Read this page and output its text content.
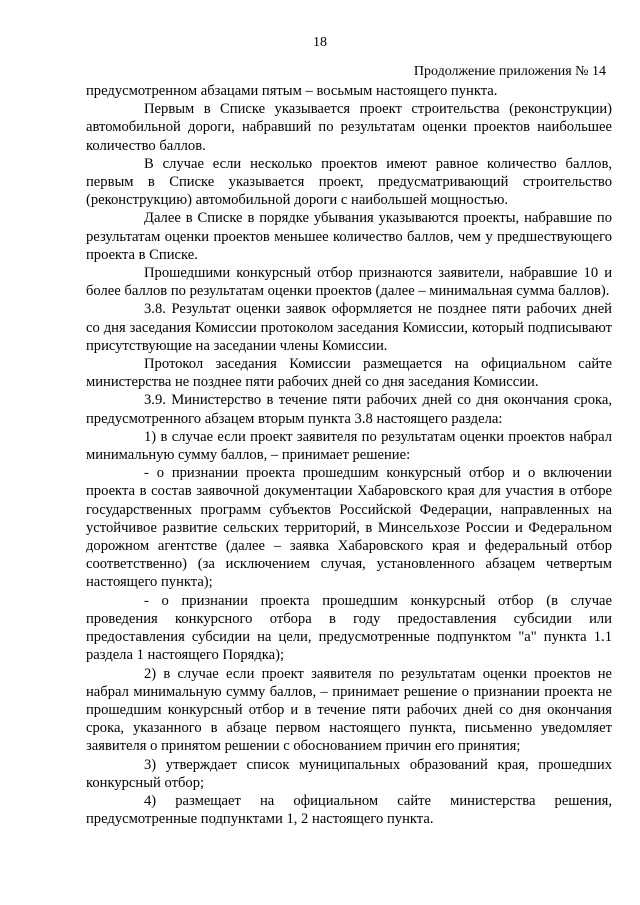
18
Продолжение приложения № 14

предусмотренном абзацами пятым – восьмым настоящего пункта.

Первым в Списке указывается проект строительства (реконструкции) автомобильной дороги, набравший по результатам оценки проектов наибольшее количество баллов.

В случае если несколько проектов имеют равное количество баллов, первым в Списке указывается проект, предусматривающий строительство (реконструкцию) автомобильной дороги с наибольшей мощностью.

Далее в Списке в порядке убывания указываются проекты, набравшие по результатам оценки проектов меньшее количество баллов, чем у предшествующего проекта в Списке.

Прошедшими конкурсный отбор признаются заявители, набравшие 10 и более баллов по результатам оценки проектов (далее – минимальная сумма баллов).

3.8. Результат оценки заявок оформляется не позднее пяти рабочих дней со дня заседания Комиссии протоколом заседания Комиссии, который подписывают присутствующие на заседании члены Комиссии.

Протокол заседания Комиссии размещается на официальном сайте министерства не позднее пяти рабочих дней со дня заседания Комиссии.

3.9. Министерство в течение пяти рабочих дней со дня окончания срока, предусмотренного абзацем вторым пункта 3.8 настоящего раздела:

1) в случае если проект заявителя по результатам оценки проектов набрал минимальную сумму баллов, – принимает решение:

- о признании проекта прошедшим конкурсный отбор и о включении проекта в состав заявочной документации Хабаровского края для участия в отборе государственных программ субъектов Российской Федерации, направленных на устойчивое развитие сельских территорий, в Минсельхозе России и Федеральном дорожном агентстве (далее – заявка Хабаровского края и федеральный отбор соответственно) (за исключением случая, установленного абзацем четвертым настоящего пункта);

- о признании проекта прошедшим конкурсный отбор (в случае проведения конкурсного отбора в году предоставления субсидии или предоставления субсидии на цели, предусмотренные подпунктом "а" пункта 1.1 раздела 1 настоящего Порядка);

2) в случае если проект заявителя по результатам оценки проектов не набрал минимальную сумму баллов, – принимает решение о признании проекта не прошедшим конкурсный отбор и в течение пяти рабочих дней со дня окончания срока, указанного в абзаце первом настоящего пункта, письменно уведомляет заявителя о принятом решении с обоснованием причин его принятия;

3) утверждает список муниципальных образований края, прошедших конкурсный отбор;

4) размещает на официальном сайте министерства решения, предусмотренные подпунктами 1, 2 настоящего пункта.
